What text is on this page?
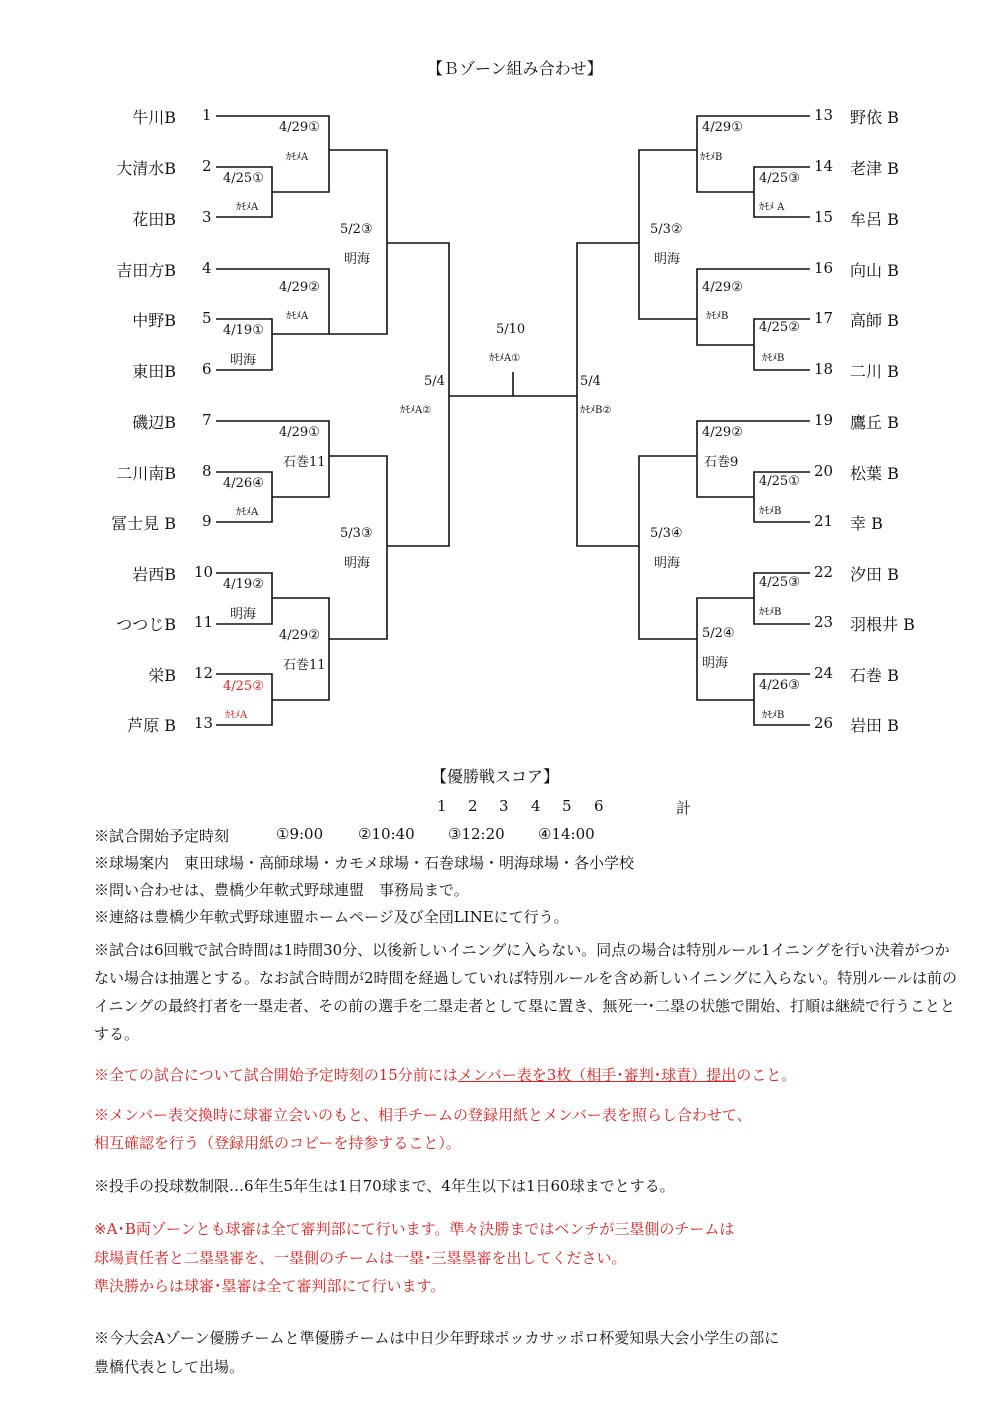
【Ｂゾーン組み合わせ】
牛川B 1
大清水B 2
花田B 3
吉田方B 4
中野B 5
東田B 6
磯辺B 7
二川南B 8
冨士見 B 9
岩西B 10
つつじB 11
栄B 12
芦原 B 13
13 野依 B
14 老津 B
15 牟呂 B
16 向山 B
17 高師 B
18 二川 B
19 鷹丘 B
20 松葉 B
21 幸 B
22 汐田 B
23 羽根井 B
24 石巻 B
26 岩田 B
4/29①
ｶﾓﾒA
4/25①
ｶﾓﾒA
5/2③
明海
4/29②
ｶﾓﾒA
4/19①
明海
5/4
ｶﾓﾒA②
4/29①
石巻11
4/26④
ｶﾓﾒA
5/3③
明海
4/19②
明海
4/29②
石巻11
4/25②
ｶﾓﾒA
5/10
ｶﾓﾒA①
4/29①
ｶﾓﾒB
4/25③
ｶﾓﾒ A
5/3②
明海
4/29②
ｶﾓﾒB
4/25②
ｶﾓﾒB
5/4
ｶﾓﾒB②
4/29②
石巻9
4/25①
ｶﾓﾒB
5/3④
明海
4/25③
ｶﾓﾒB
5/2④
明海
4/26③
ｶﾓﾒB
【優勝戦スコア】
1 2 3 4 5 6	計
※試合開始予定時刻	①9:00 ②10:40 ③12:20 ④14:00
※球場案内　東田球場・高師球場・カモメ球場・石巻球場・明海球場・各小学校
※問い合わせは、豊橋少年軟式野球連盟　事務局まで。
※連絡は豊橋少年軟式野球連盟ホームページ及び全団LINEにて行う。
※試合は6回戦で試合時間は1時間30分、以後新しいイニングに入らない。同点の場合は特別ルール1イニングを行い決着がつかない場合は抽選とする。なお試合時間が2時間を経過していれば特別ルールを含め新しいイニングに入らない。特別ルールは前のイニングの最終打者を一塁走者、その前の選手を二塁走者として塁に置き、無死一･二塁の状態で開始、打順は継続で行うこととする。
※全ての試合について試合開始予定時刻の15分前にはメンバー表を3枚（相手･審判･球責）提出のこと。
※メンバー表交換時に球審立会いのもと、相手チームの登録用紙とメンバー表を照らし合わせて、
相互確認を行う（登録用紙のコピーを持参すること）。
※投手の投球数制限…6年生5年生は1日70球まで、4年生以下は1日60球までとする。
※A･B両ゾーンとも球審は全て審判部にて行います。準々決勝まではベンチが三塁側のチームは
球場責任者と二塁塁審を、一塁側のチームは一塁･三塁塁審を出してください。
準決勝からは球審･塁審は全て審判部にて行います。
※今大会Aゾーン優勝チームと準優勝チームは中日少年野球ポッカサッポロ杯愛知県大会小学生の部に
豊橋代表として出場。
